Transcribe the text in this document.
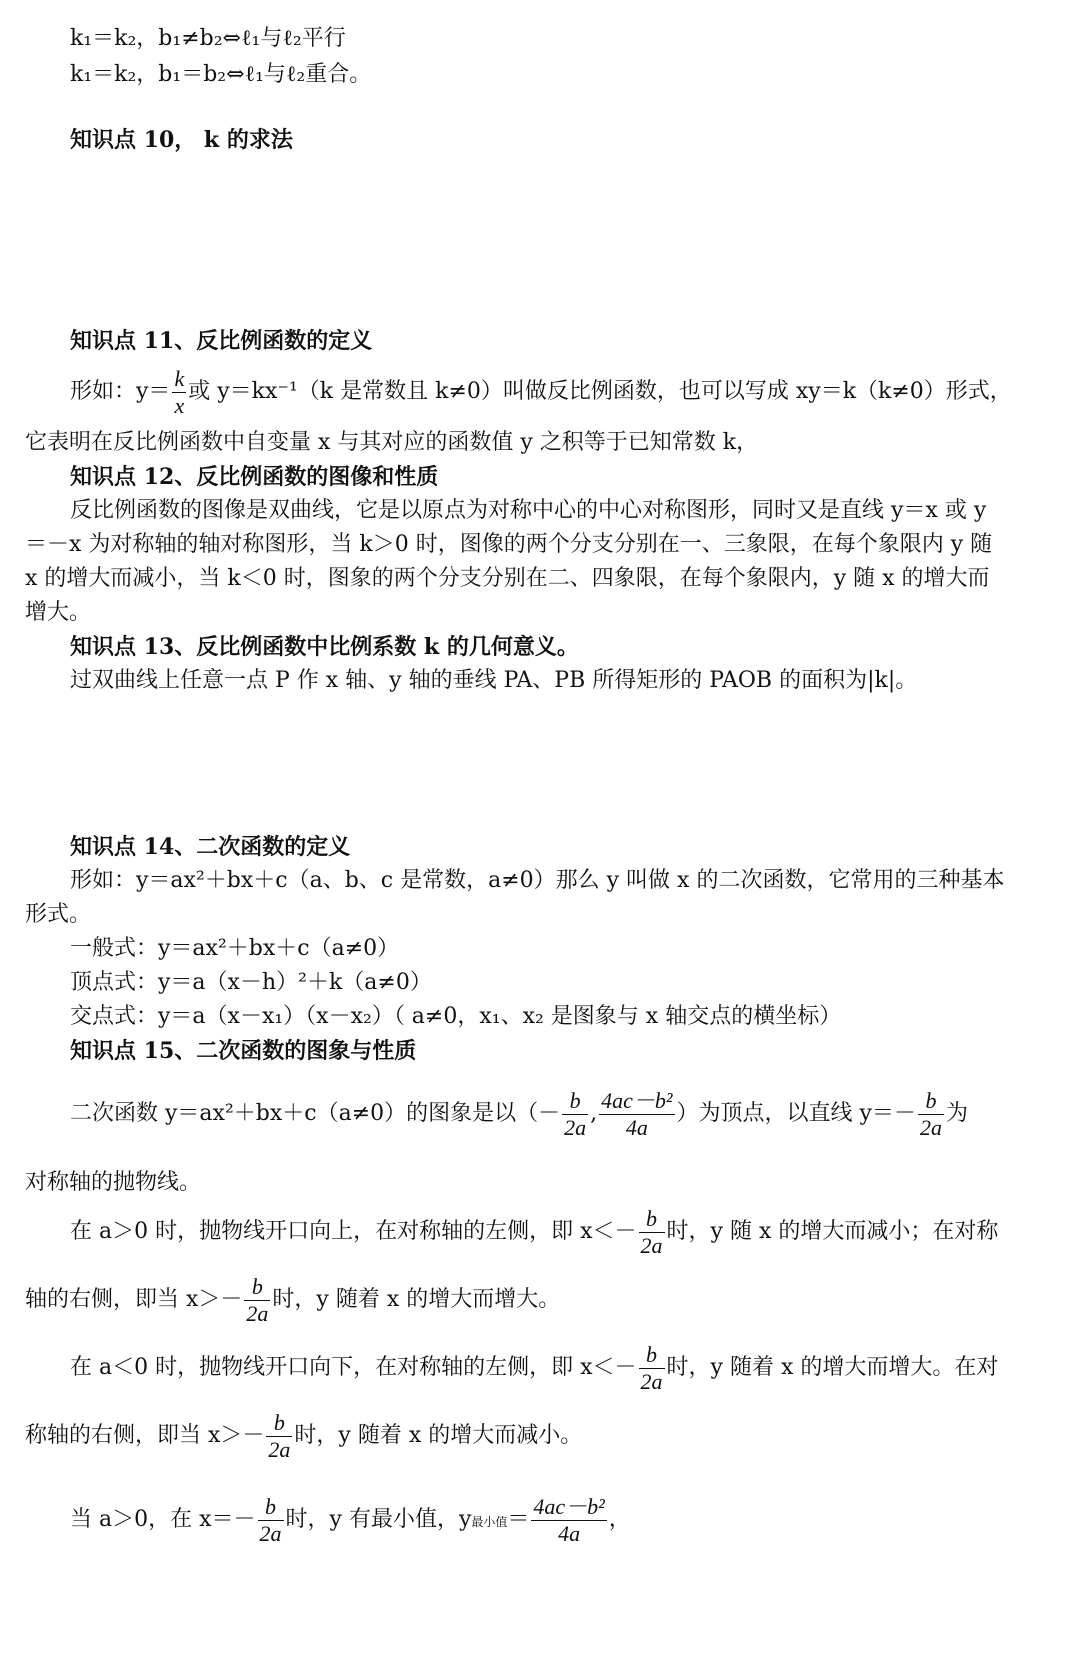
k₁＝k₂，b₁≠b₂⇔ℓ₁与ℓ₂平行
k₁＝k₂，b₁＝b₂⇔ℓ₁与ℓ₂重合。
知识点 10， k 的求法
知识点 11、反比例函数的定义
形如：$y= \frac{k}{x}$ 或 y＝kx⁻¹（k 是常数且 k≠0）叫做反比例函数，也可以写成 xy＝k（k≠0）形式，
它表明在反比例函数中自变量 x 与其对应的函数值 y 之积等于已知常数 k，
知识点 12、反比例函数的图像和性质
反比例函数的图像是双曲线，它是以原点为对称中心的中心对称图形，同时又是直线 y＝x 或 y
＝－x 为对称轴的轴对称图形，当 k＞0 时，图像的两个分支分别在一、三象限，在每个象限内 y 随
x 的增大而减小，当 k＜0 时，图象的两个分支分别在二、四象限，在每个象限内，y 随 x 的增大而
增大。
知识点 13、反比例函数中比例系数 k 的几何意义。
过双曲线上任意一点 P 作 x 轴、y 轴的垂线 PA、PB 所得矩形的 PAOB 的面积为|k|。
知识点 14、二次函数的定义
形如：y＝ax²＋bx＋c（a、b、c 是常数，a≠0）那么 y 叫做 x 的二次函数，它常用的三种基本
形式。
一般式：y＝ax²＋bx＋c（a≠0）
顶点式：y＝a（x－h）²＋k（a≠0）
交点式：y＝a（x－x₁）（x－x₂）（ a≠0，x₁、x₂ 是图象与 x 轴交点的横坐标）
知识点 15、二次函数的图象与性质
二次函数 y＝ax²＋bx＋c（a≠0）的图象是以（－ $\frac{b}{2a}$ , $\frac{\text{4ac－b²}}{4a}$ ）为顶点，以直线 $y=- \frac{b}{2a}$ 为
对称轴的抛物线。
在 a＞0 时，抛物线开口向上，在对称轴的左侧，即 $x<- \frac{b}{2a}$ 时，y 随 x 的增大而减小；在对称
轴的右侧，即当 $x>- \frac{b}{2a}$ 时，y 随着 x 的增大而增大。
在 a＜0 时，抛物线开口向下，在对称轴的左侧，即 $x<- \frac{b}{2a}$ 时，y 随着 x 的增大而增大。在对
称轴的右侧，即当 $x>- \frac{b}{2a}$ 时，y 随着 x 的增大而减小。
当 a＞0，在 $x=- \frac{b}{2a}$ 时，y 有最小值，y最小值＝ $\frac{\text{4ac－b²}}{4a}$ ，
